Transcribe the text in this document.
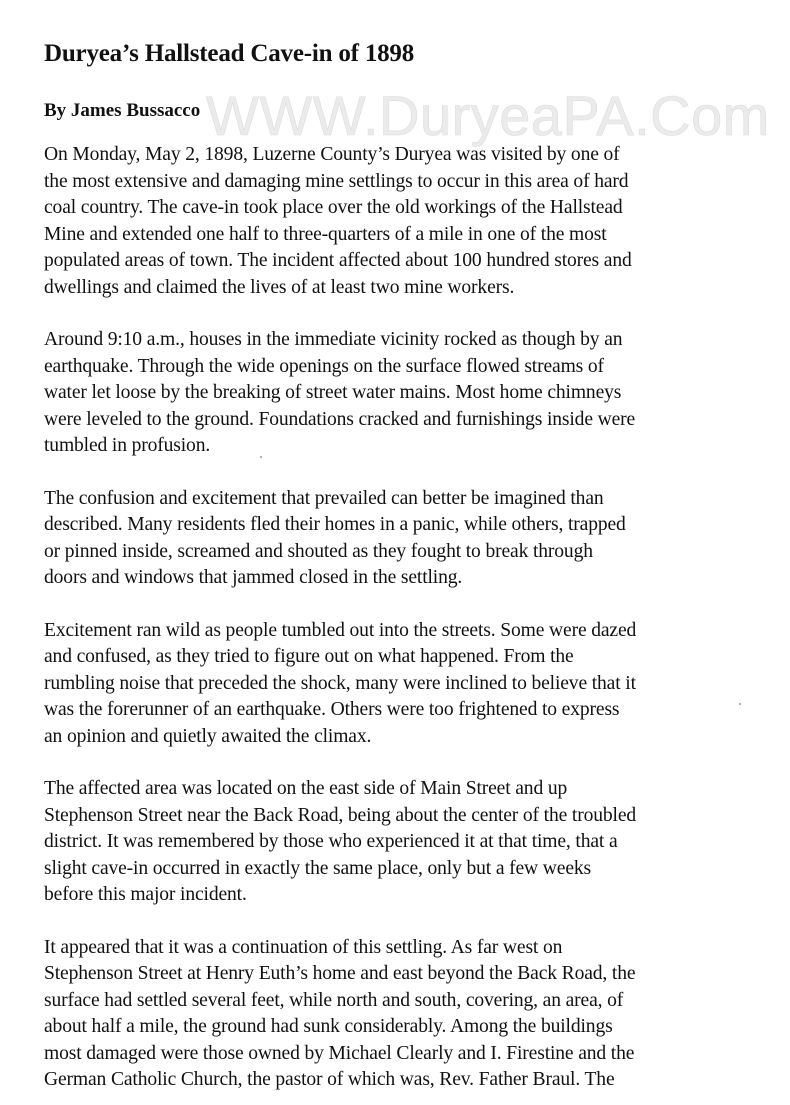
WWW.DuryeaPA.Com
Duryea’s Hallstead Cave-in of 1898

By James Bussacco

On Monday, May 2, 1898, Luzerne County’s Duryea was visited by one of
the most extensive and damaging mine settlings to occur in this area of hard
coal country. The cave-in took place over the old workings of the Hallstead
Mine and extended one half to three-quarters of a mile in one of the most
populated areas of town. The incident affected about 100 hundred stores and
dwellings and claimed the lives of at least two mine workers.

Around 9:10 a.m., houses in the immediate vicinity rocked as though by an
earthquake. Through the wide openings on the surface flowed streams of
water let loose by the breaking of street water mains. Most home chimneys
were leveled to the ground. Foundations cracked and furnishings inside were
tumbled in profusion.

The confusion and excitement that prevailed can better be imagined than
described. Many residents fled their homes in a panic, while others, trapped
or pinned inside, screamed and shouted as they fought to break through
doors and windows that jammed closed in the settling.

Excitement ran wild as people tumbled out into the streets. Some were dazed
and confused, as they tried to figure out on what happened. From the
rumbling noise that preceded the shock, many were inclined to believe that it
was the forerunner of an earthquake. Others were too frightened to express
an opinion and quietly awaited the climax.

The affected area was located on the east side of Main Street and up
Stephenson Street near the Back Road, being about the center of the troubled
district. It was remembered by those who experienced it at that time, that a
slight cave-in occurred in exactly the same place, only but a few weeks
before this major incident.

It appeared that it was a continuation of this settling. As far west on
Stephenson Street at Henry Euth’s home and east beyond the Back Road, the
surface had settled several feet, while north and south, covering, an area, of
about half a mile, the ground had sunk considerably. Among the buildings
most damaged were those owned by Michael Clearly and I. Firestine and the
German Catholic Church, the pastor of which was, Rev. Father Braul. The
